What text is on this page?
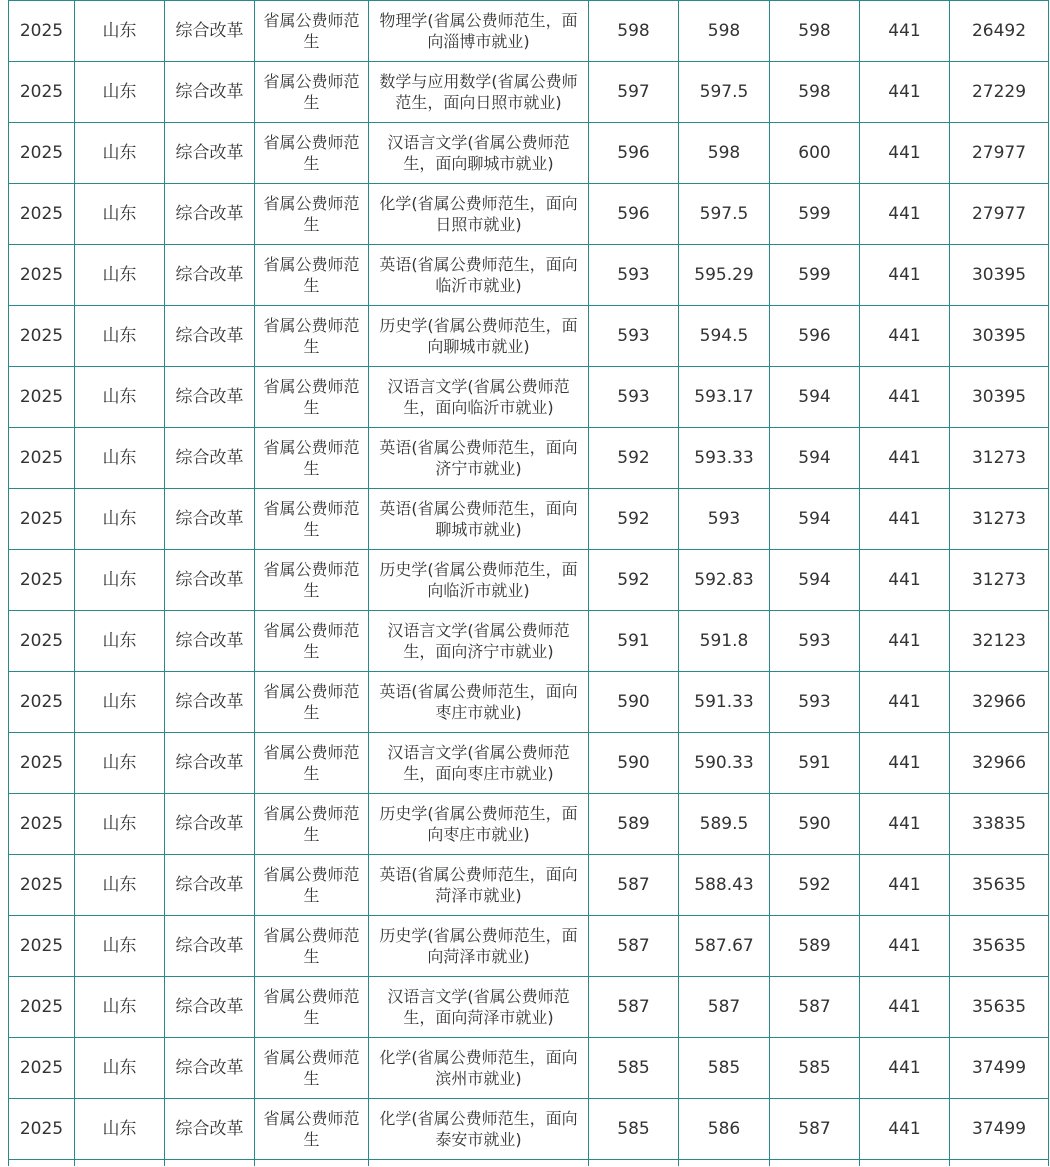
2025	山东	综合改革	省属公费师范生	物理学(省属公费师范生，面向淄博市就业)	598	598	598	441	26492
2025	山东	综合改革	省属公费师范生	数学与应用数学(省属公费师范生，面向日照市就业)	597	597.5	598	441	27229
2025	山东	综合改革	省属公费师范生	汉语言文学(省属公费师范生，面向聊城市就业)	596	598	600	441	27977
2025	山东	综合改革	省属公费师范生	化学(省属公费师范生，面向日照市就业)	596	597.5	599	441	27977
2025	山东	综合改革	省属公费师范生	英语(省属公费师范生，面向临沂市就业)	593	595.29	599	441	30395
2025	山东	综合改革	省属公费师范生	历史学(省属公费师范生，面向聊城市就业)	593	594.5	596	441	30395
2025	山东	综合改革	省属公费师范生	汉语言文学(省属公费师范生，面向临沂市就业)	593	593.17	594	441	30395
2025	山东	综合改革	省属公费师范生	英语(省属公费师范生，面向济宁市就业)	592	593.33	594	441	31273
2025	山东	综合改革	省属公费师范生	英语(省属公费师范生，面向聊城市就业)	592	593	594	441	31273
2025	山东	综合改革	省属公费师范生	历史学(省属公费师范生，面向临沂市就业)	592	592.83	594	441	31273
2025	山东	综合改革	省属公费师范生	汉语言文学(省属公费师范生，面向济宁市就业)	591	591.8	593	441	32123
2025	山东	综合改革	省属公费师范生	英语(省属公费师范生，面向枣庄市就业)	590	591.33	593	441	32966
2025	山东	综合改革	省属公费师范生	汉语言文学(省属公费师范生，面向枣庄市就业)	590	590.33	591	441	32966
2025	山东	综合改革	省属公费师范生	历史学(省属公费师范生，面向枣庄市就业)	589	589.5	590	441	33835
2025	山东	综合改革	省属公费师范生	英语(省属公费师范生，面向菏泽市就业)	587	588.43	592	441	35635
2025	山东	综合改革	省属公费师范生	历史学(省属公费师范生，面向菏泽市就业)	587	587.67	589	441	35635
2025	山东	综合改革	省属公费师范生	汉语言文学(省属公费师范生，面向菏泽市就业)	587	587	587	441	35635
2025	山东	综合改革	省属公费师范生	化学(省属公费师范生，面向滨州市就业)	585	585	585	441	37499
2025	山东	综合改革	省属公费师范生	化学(省属公费师范生，面向泰安市就业)	585	586	587	441	37499
